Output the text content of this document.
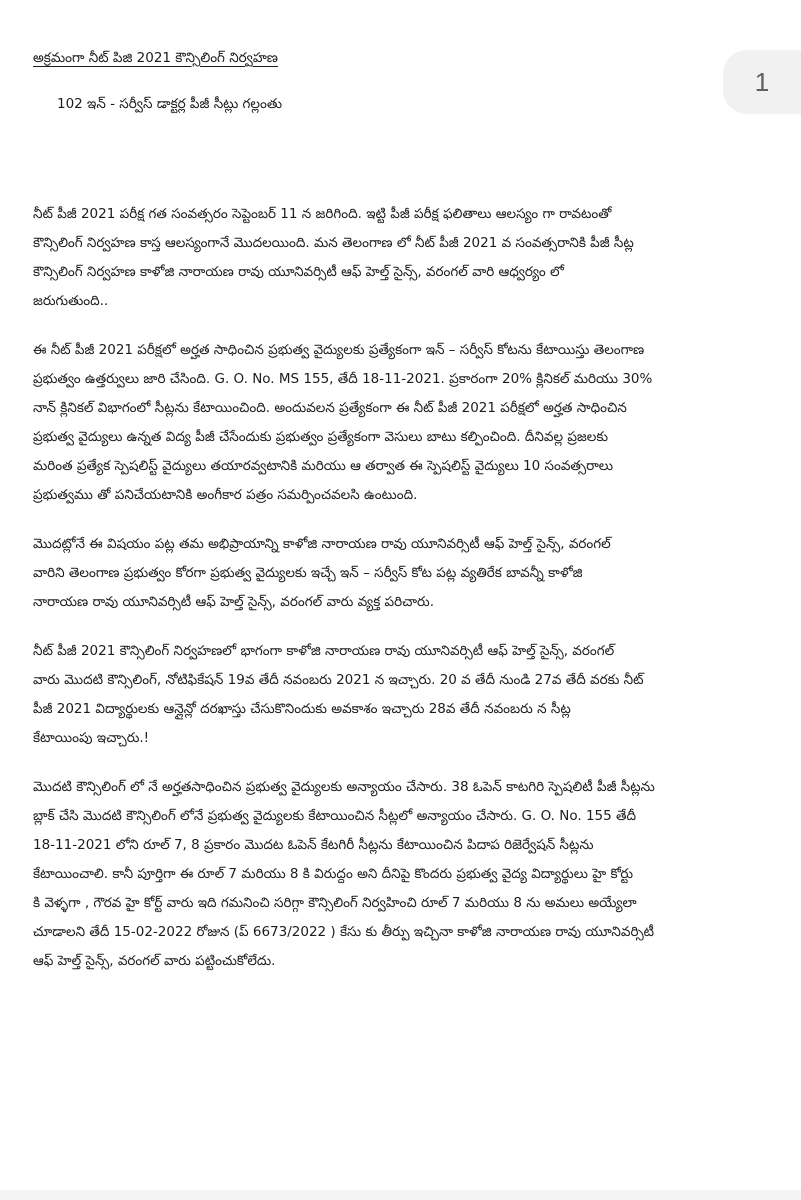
1
అక్రమంగా నీట్ పిజి 2021 కౌన్సిలింగ్ నిర్వహణ
102 ఇన్ - సర్వీస్ డాక్టర్ల పీజీ సీట్లు గల్లంతు
నీట్ పీజీ 2021 పరీక్ష గత సంవత్సరం సెప్టెంబర్ 11 న జరిగింది. ఇట్టి పీజీ పరీక్ష ఫలితాలు ఆలస్యం గా రావటంతో
కౌన్సిలింగ్ నిర్వహణ కాస్త ఆలస్యంగానే మొదలయింది. మన తెలంగాణ లో నీట్ పీజీ 2021 వ సంవత్సరానికి పీజీ సీట్ల
కౌన్సిలింగ్ నిర్వహణ కాళోజి నారాయణ రావు యూనివర్సిటీ ఆఫ్ హెల్త్ సైన్స్, వరంగల్ వారి ఆధ్వర్యం లో
జరుగుతుంది..
ఈ నీట్ పీజీ 2021 పరీక్షలో అర్హత సాధించిన ప్రభుత్వ వైద్యులకు ప్రత్యేకంగా ఇన్ – సర్వీస్ కోటను కేటాయిస్తు తెలంగాణ
ప్రభుత్వం ఉత్తర్వులు జారి చేసింది. G. O. No. MS 155, తేదీ 18-11-2021. ప్రకారంగా 20% క్లినికల్ మరియు 30%
నాన్ క్లినికల్ విభాగంలో సీట్లను కేటాయించింది. అందువలన ప్రత్యేకంగా ఈ నీట్ పీజీ 2021 పరీక్షలో అర్హత సాధించిన
ప్రభుత్వ వైద్యులు ఉన్నత విద్య పీజీ చేసేందుకు ప్రభుత్వం ప్రత్యేకంగా వెసులు బాటు కల్పించింది. దీనివల్ల ప్రజలకు
మరింత ప్రత్యేక స్పెషలిస్ట్ వైద్యులు తయారవ్వటానికి మరియు ఆ తర్వాత ఈ స్పెషలిస్ట్ వైద్యులు 10 సంవత్సరాలు
ప్రభుత్వము తో పనిచేయటానికి అంగీకార పత్రం సమర్పించవలసి ఉంటుంది.
మొదట్లోనే ఈ విషయం పట్ల తమ అభిప్రాయాన్ని కాళోజి నారాయణ రావు యూనివర్సిటీ ఆఫ్ హెల్త్ సైన్స్, వరంగల్
వారిని తెలంగాణ ప్రభుత్వం కోరగా ప్రభుత్వ వైద్యులకు ఇచ్చే ఇన్ – సర్వీస్ కోట పట్ల వ్యతిరేక బావన్నీ కాళోజి
నారాయణ రావు యూనివర్సిటీ ఆఫ్ హెల్త్ సైన్స్, వరంగల్ వారు వ్యక్త పరిచారు.
నీట్ పీజీ 2021 కౌన్సిలింగ్ నిర్వహణలో భాగంగా కాళోజి నారాయణ రావు యూనివర్సిటీ ఆఫ్ హెల్త్ సైన్స్, వరంగల్
వారు మొదటి కౌన్సిలింగ్, నోటిఫికేషన్ 19వ తేదీ నవంబరు 2021 న ఇచ్చారు. 20 వ తేదీ నుండి 27వ తేదీ వరకు నీట్
పీజీ 2021 విద్యార్థులకు ఆన్లైన్లో దరఖాస్తు చేసుకొనిందుకు అవకాశం ఇచ్చారు 28వ తేదీ నవంబరు న సీట్ల
కేటాయింపు ఇచ్చారు.!
మొదటి కౌన్సిలింగ్ లో నే అర్హతసాధించిన ప్రభుత్వ వైద్యులకు అన్యాయం చేసారు. 38 ఓపెన్ కాటగిరి స్పెషలిటీ పీజీ సీట్లను
బ్లాక్ చేసి మొదటి కౌన్సిలింగ్ లోనే ప్రభుత్వ వైద్యులకు కేటాయించిన సీట్లలో అన్యాయం చేసారు. G. O. No. 155 తేదీ
18-11-2021 లోని రూల్ 7, 8 ప్రకారం మొదట ఓపెన్ కేటగిరీ సీట్లను కేటాయించిన పిదాప రిజెర్వేషన్ సీట్లను
కేటాయించాలి. కానీ పూర్తిగా ఈ రూల్ 7 మరియు 8 కి విరుద్దం అని దీనిపై కొందరు ప్రభుత్వ వైద్య విద్యార్థులు హై కోర్టు
కి వెళ్ళగా , గౌరవ హై కోర్ట్ వారు ఇది గమనించి సరిగ్గా కౌన్సిలింగ్ నిర్వహించి రూల్ 7 మరియు 8 ను అమలు అయ్యేలా
చూడాలని తేదీ 15-02-2022 రోజున (ప్ 6673/2022 ) కేసు కు తీర్పు ఇచ్చినా కాళోజి నారాయణ రావు యూనివర్సిటీ
ఆఫ్ హెల్త్ సైన్స్, వరంగల్ వారు పట్టించుకోలేదు.
